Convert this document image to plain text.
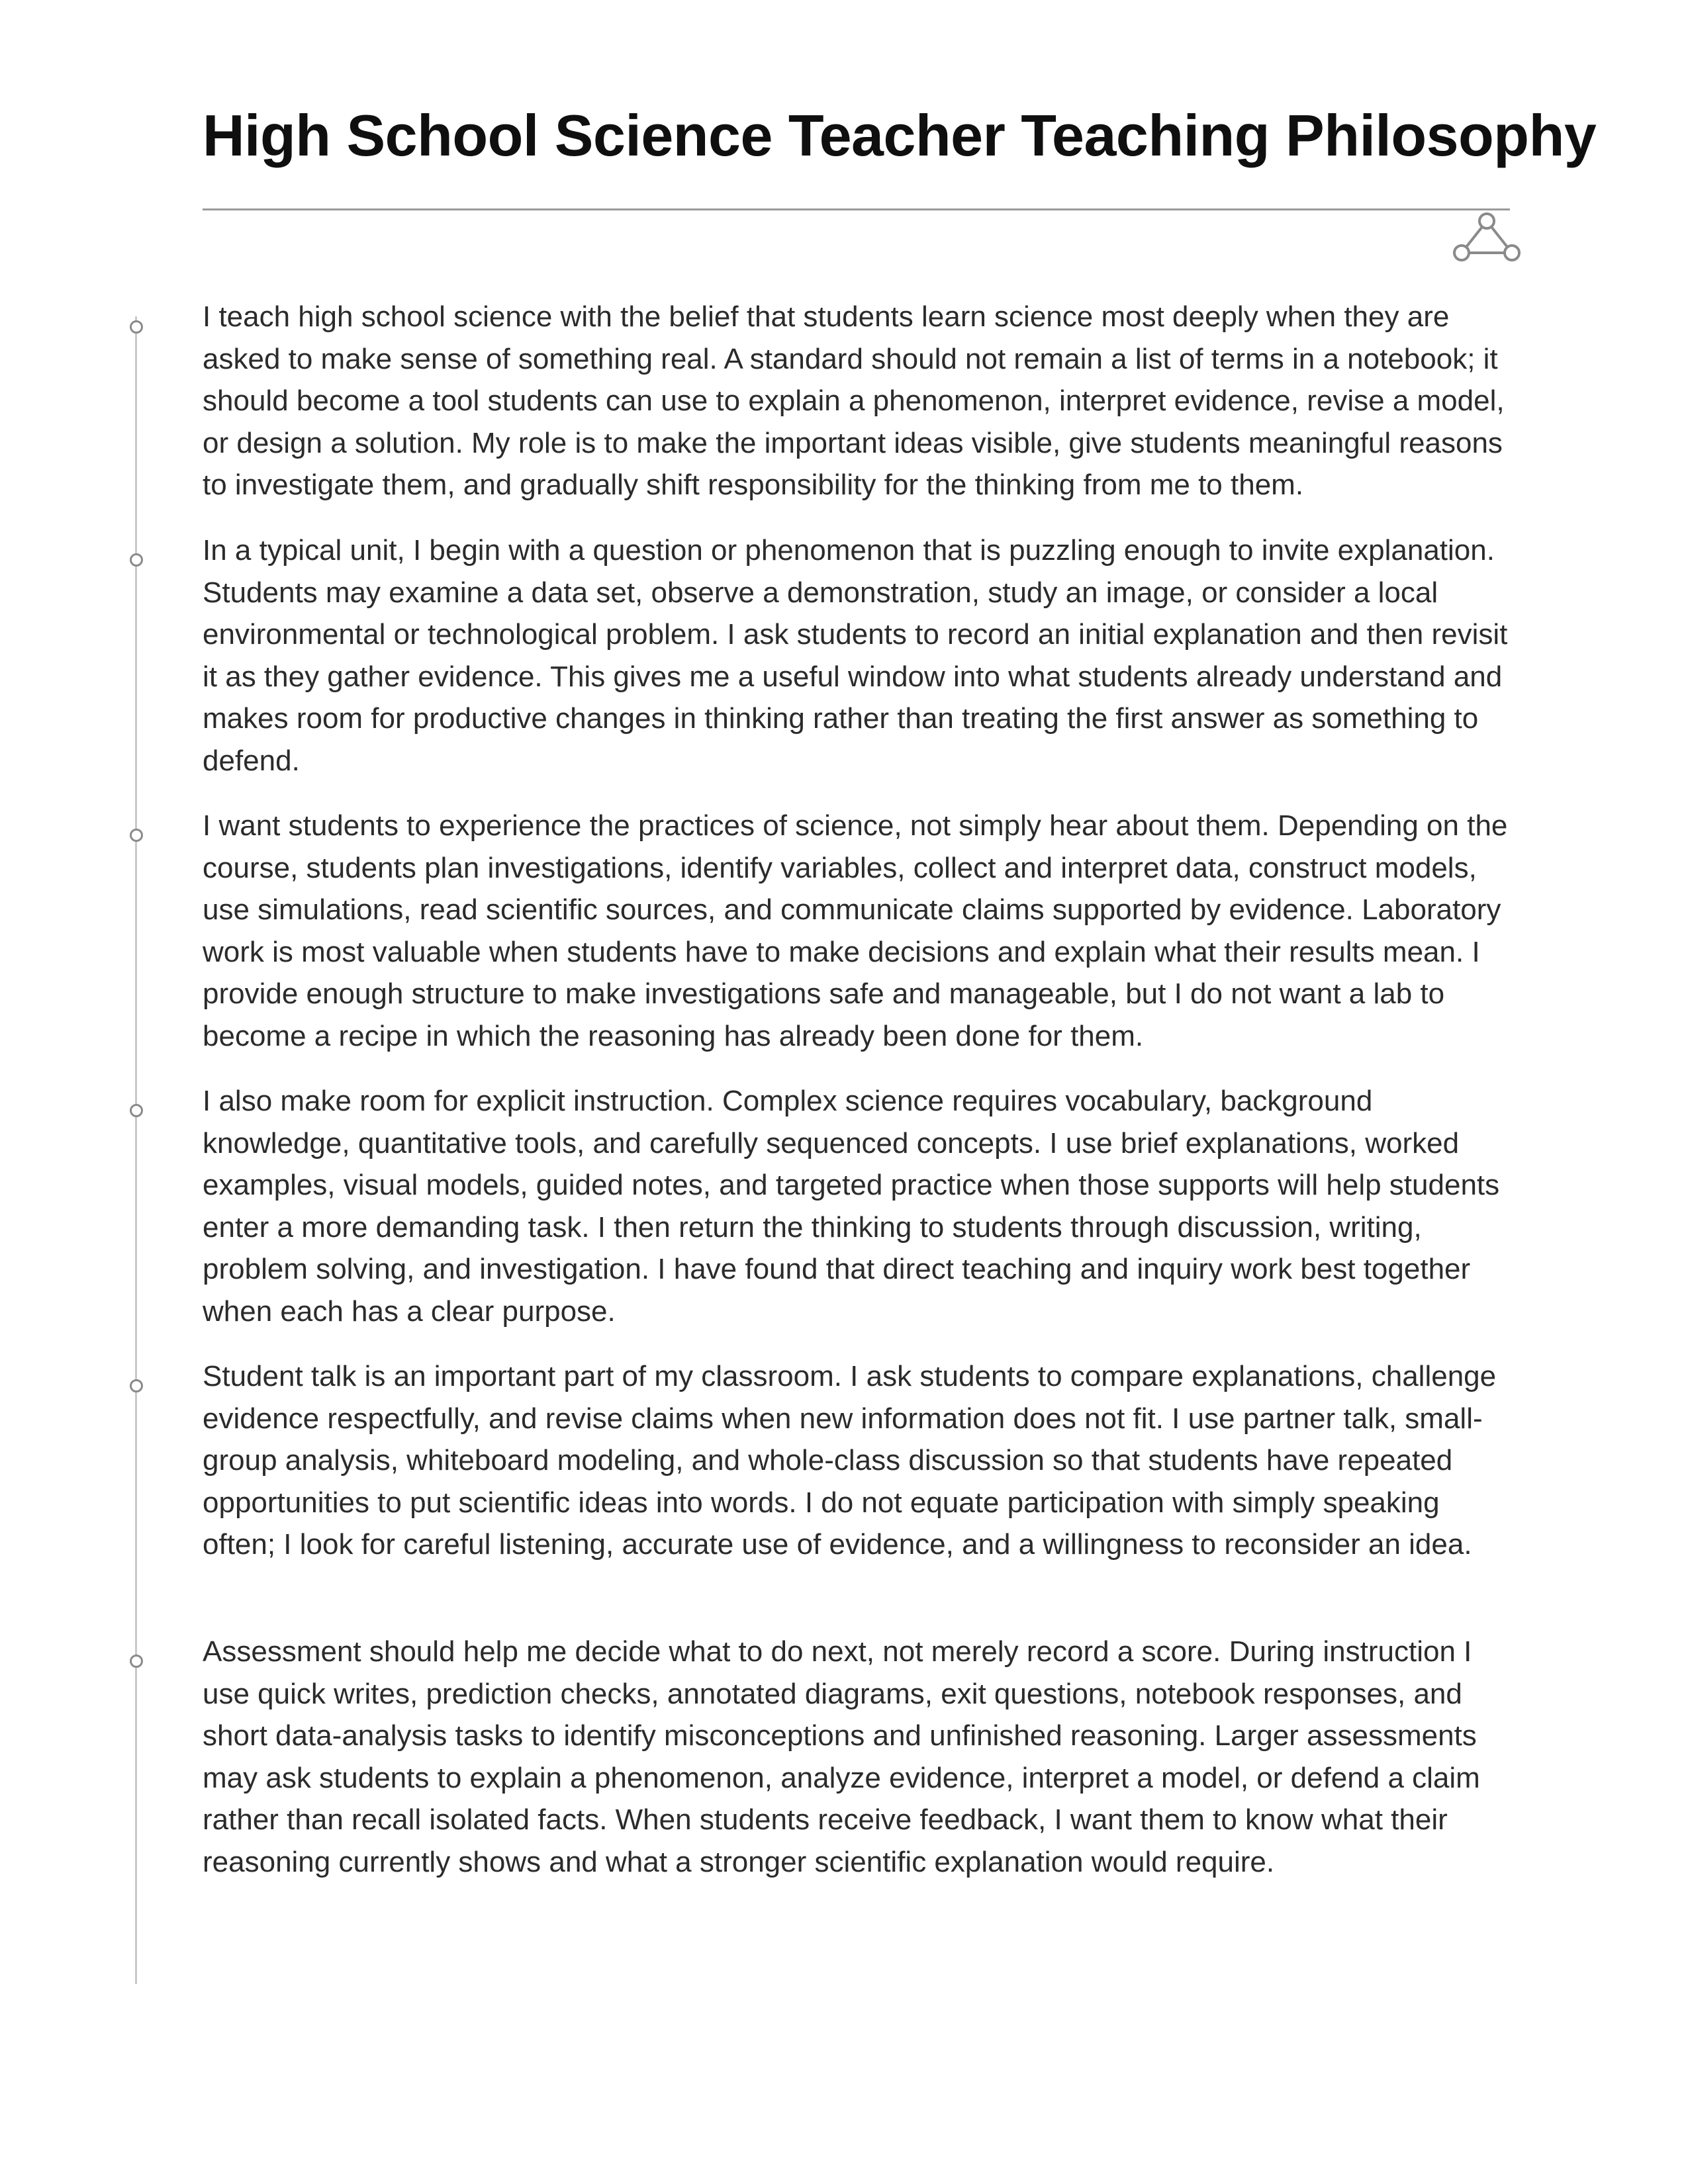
High School Science Teacher Teaching Philosophy

I teach high school science with the belief that students learn science most deeply when they are asked to make sense of something real. A standard should not remain a list of terms in a notebook; it should become a tool students can use to explain a phenomenon, interpret evidence, revise a model, or design a solution. My role is to make the important ideas visible, give students meaningful reasons to investigate them, and gradually shift responsibility for the thinking from me to them.

In a typical unit, I begin with a question or phenomenon that is puzzling enough to invite explanation. Students may examine a data set, observe a demonstration, study an image, or consider a local environmental or technological problem. I ask students to record an initial explanation and then revisit it as they gather evidence. This gives me a useful window into what students already understand and makes room for productive changes in thinking rather than treating the first answer as something to defend.

I want students to experience the practices of science, not simply hear about them. Depending on the course, students plan investigations, identify variables, collect and interpret data, construct models, use simulations, read scientific sources, and communicate claims supported by evidence. Laboratory work is most valuable when students have to make decisions and explain what their results mean. I provide enough structure to make investigations safe and manageable, but I do not want a lab to become a recipe in which the reasoning has already been done for them.

I also make room for explicit instruction. Complex science requires vocabulary, background knowledge, quantitative tools, and carefully sequenced concepts. I use brief explanations, worked examples, visual models, guided notes, and targeted practice when those supports will help students enter a more demanding task. I then return the thinking to students through discussion, writing, problem solving, and investigation. I have found that direct teaching and inquiry work best together when each has a clear purpose.

Student talk is an important part of my classroom. I ask students to compare explanations, challenge evidence respectfully, and revise claims when new information does not fit. I use partner talk, small-group analysis, whiteboard modeling, and whole-class discussion so that students have repeated opportunities to put scientific ideas into words. I do not equate participation with simply speaking often; I look for careful listening, accurate use of evidence, and a willingness to reconsider an idea.

Assessment should help me decide what to do next, not merely record a score. During instruction I use quick writes, prediction checks, annotated diagrams, exit questions, notebook responses, and short data-analysis tasks to identify misconceptions and unfinished reasoning. Larger assessments may ask students to explain a phenomenon, analyze evidence, interpret a model, or defend a claim rather than recall isolated facts. When students receive feedback, I want them to know what their reasoning currently shows and what a stronger scientific explanation would require.
